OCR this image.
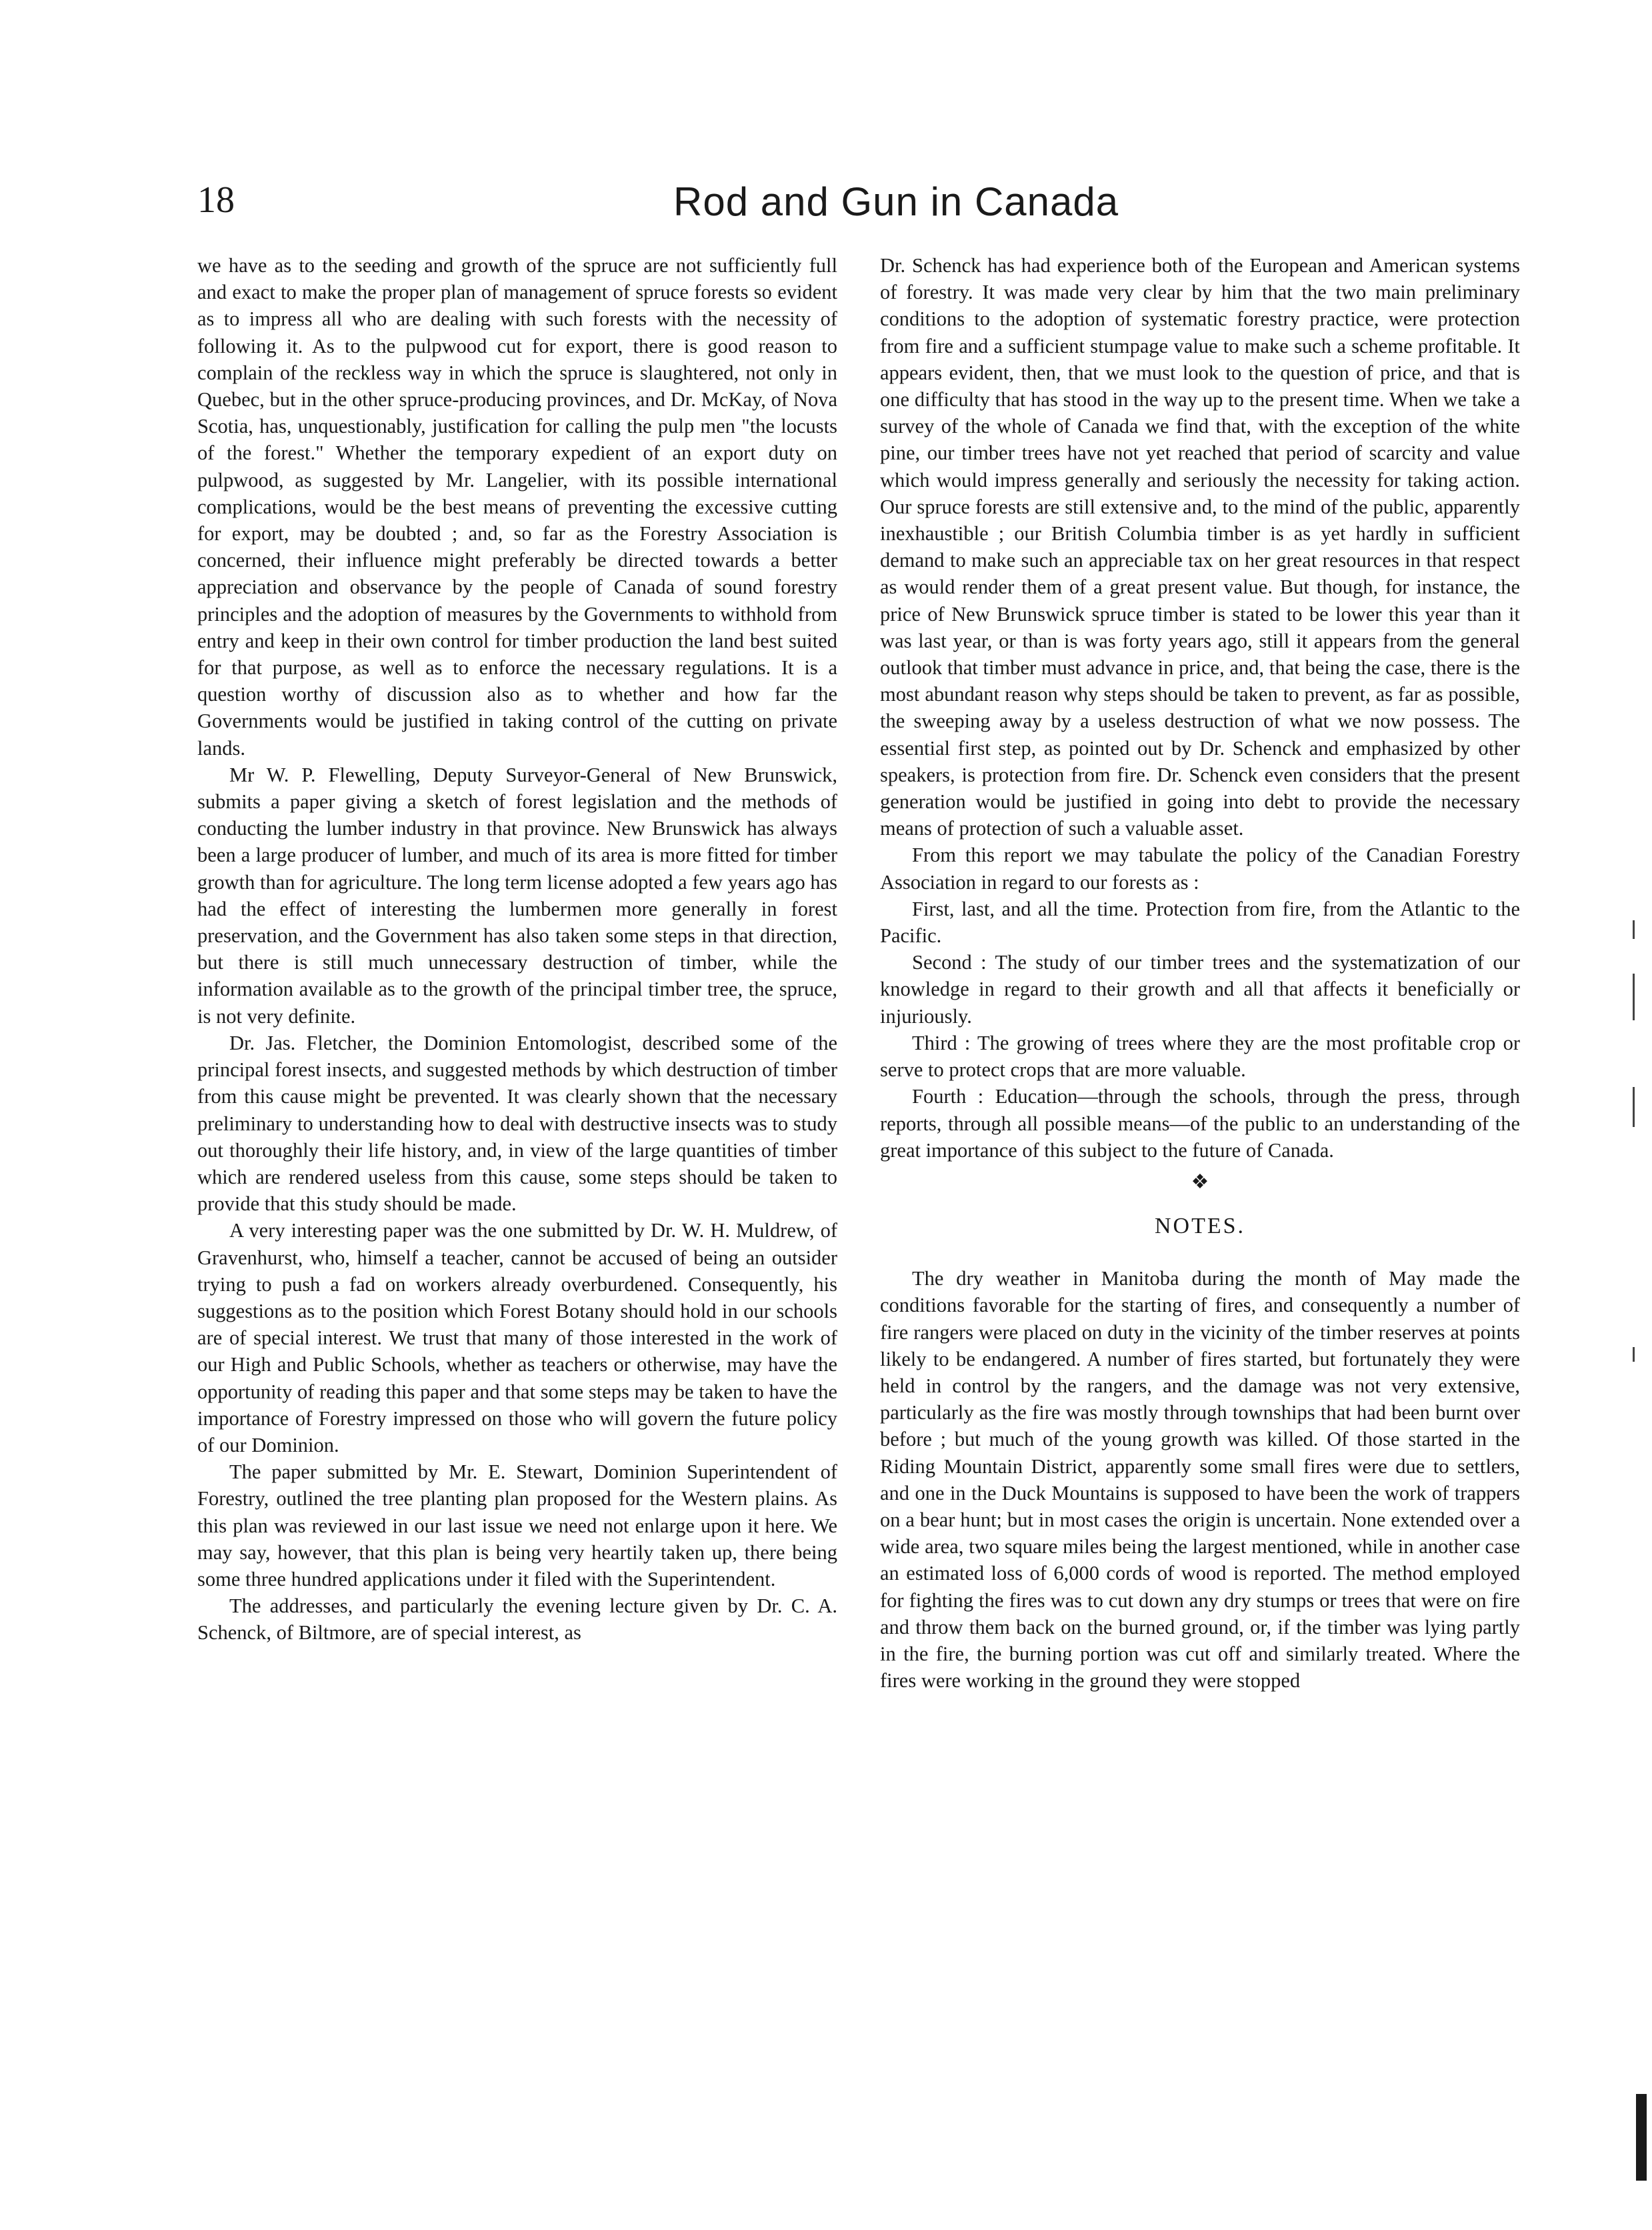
18	Rod and Gun in Canada

we have as to the seeding and growth of the spruce are not sufficiently full and exact to make the proper plan of management of spruce forests so evident as to impress all who are dealing with such forests with the necessity of following it. As to the pulpwood cut for export, there is good reason to complain of the reckless way in which the spruce is slaughtered, not only in Quebec, but in the other spruce-producing provinces, and Dr. McKay, of Nova Scotia, has, unquestionably, justification for calling the pulp men "the locusts of the forest." Whether the temporary expedient of an export duty on pulpwood, as suggested by Mr. Langelier, with its possible international complications, would be the best means of preventing the excessive cutting for export, may be doubted ; and, so far as the Forestry Association is concerned, their influence might preferably be directed towards a better appreciation and observance by the people of Canada of sound forestry principles and the adoption of measures by the Governments to withhold from entry and keep in their own control for timber production the land best suited for that purpose, as well as to enforce the necessary regulations. It is a question worthy of discussion also as to whether and how far the Governments would be justified in taking control of the cutting on private lands.

Mr W. P. Flewelling, Deputy Surveyor-General of New Brunswick, submits a paper giving a sketch of forest legislation and the methods of conducting the lumber industry in that province. New Brunswick has always been a large producer of lumber, and much of its area is more fitted for timber growth than for agriculture. The long term license adopted a few years ago has had the effect of interesting the lumbermen more generally in forest preservation, and the Government has also taken some steps in that direction, but there is still much unnecessary destruction of timber, while the information available as to the growth of the principal timber tree, the spruce, is not very definite.

Dr. Jas. Fletcher, the Dominion Entomologist, described some of the principal forest insects, and suggested methods by which destruction of timber from this cause might be prevented. It was clearly shown that the necessary preliminary to understanding how to deal with destructive insects was to study out thoroughly their life history, and, in view of the large quantities of timber which are rendered useless from this cause, some steps should be taken to provide that this study should be made.

A very interesting paper was the one submitted by Dr. W. H. Muldrew, of Gravenhurst, who, himself a teacher, cannot be accused of being an outsider trying to push a fad on workers already overburdened. Consequently, his suggestions as to the position which Forest Botany should hold in our schools are of special interest. We trust that many of those interested in the work of our High and Public Schools, whether as teachers or otherwise, may have the opportunity of reading this paper and that some steps may be taken to have the importance of Forestry impressed on those who will govern the future policy of our Dominion.

The paper submitted by Mr. E. Stewart, Dominion Superintendent of Forestry, outlined the tree planting plan proposed for the Western plains. As this plan was reviewed in our last issue we need not enlarge upon it here. We may say, however, that this plan is being very heartily taken up, there being some three hundred applications under it filed with the Superintendent.

The addresses, and particularly the evening lecture given by Dr. C. A. Schenck, of Biltmore, are of special interest, as

Dr. Schenck has had experience both of the European and American systems of forestry. It was made very clear by him that the two main preliminary conditions to the adoption of systematic forestry practice, were protection from fire and a sufficient stumpage value to make such a scheme profitable. It appears evident, then, that we must look to the question of price, and that is one difficulty that has stood in the way up to the present time. When we take a survey of the whole of Canada we find that, with the exception of the white pine, our timber trees have not yet reached that period of scarcity and value which would impress generally and seriously the necessity for taking action. Our spruce forests are still extensive and, to the mind of the public, apparently inexhaustible ; our British Columbia timber is as yet hardly in sufficient demand to make such an appreciable tax on her great resources in that respect as would render them of a great present value. But though, for instance, the price of New Brunswick spruce timber is stated to be lower this year than it was last year, or than is was forty years ago, still it appears from the general outlook that timber must advance in price, and, that being the case, there is the most abundant reason why steps should be taken to prevent, as far as possible, the sweeping away by a useless destruction of what we now possess. The essential first step, as pointed out by Dr. Schenck and emphasized by other speakers, is protection from fire. Dr. Schenck even considers that the present generation would be justified in going into debt to provide the necessary means of protection of such a valuable asset.

From this report we may tabulate the policy of the Canadian Forestry Association in regard to our forests as :

First, last, and all the time. Protection from fire, from the Atlantic to the Pacific.

Second : The study of our timber trees and the systematization of our knowledge in regard to their growth and all that affects it beneficially or injuriously.

Third : The growing of trees where they are the most profitable crop or serve to protect crops that are more valuable.

Fourth : Education—through the schools, through the press, through reports, through all possible means—of the public to an understanding of the great importance of this subject to the future of Canada.

❖
NOTES.

The dry weather in Manitoba during the month of May made the conditions favorable for the starting of fires, and consequently a number of fire rangers were placed on duty in the vicinity of the timber reserves at points likely to be endangered. A number of fires started, but fortunately they were held in control by the rangers, and the damage was not very extensive, particularly as the fire was mostly through townships that had been burnt over before ; but much of the young growth was killed. Of those started in the Riding Mountain District, apparently some small fires were due to settlers, and one in the Duck Mountains is supposed to have been the work of trappers on a bear hunt; but in most cases the origin is uncertain. None extended over a wide area, two square miles being the largest mentioned, while in another case an estimated loss of 6,000 cords of wood is reported. The method employed for fighting the fires was to cut down any dry stumps or trees that were on fire and throw them back on the burned ground, or, if the timber was lying partly in the fire, the burning portion was cut off and similarly treated. Where the fires were working in the ground they were stopped
